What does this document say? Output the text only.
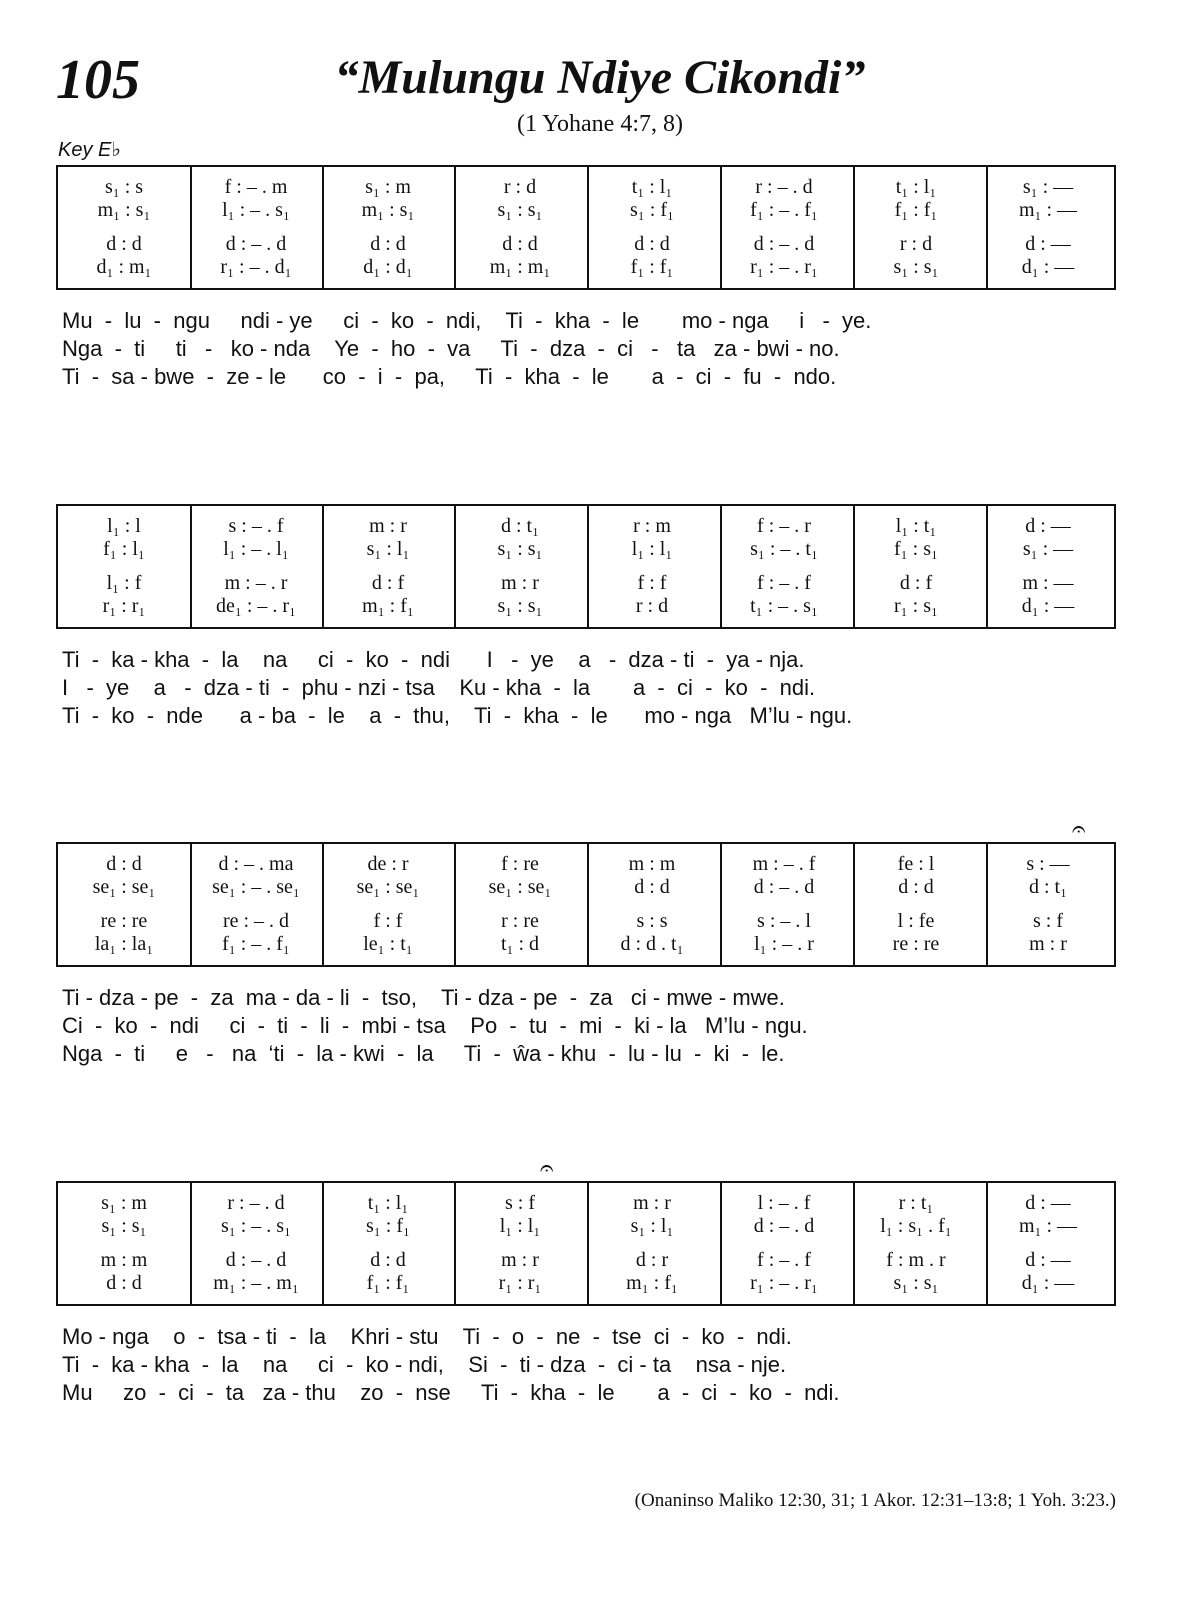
105	“Mulungu Ndiye Cikondi”
(1 Yohane 4:7, 8)
Key E♭
s₁ : s	f : – . m	s₁ : m	r : d	t₁ : l₁	r : – . d	t₁ : l₁	s₁ : —
m₁ : s₁	l₁ : – . s₁	m₁ : s₁	s₁ : s₁	s₁ : f₁	f₁ : – . f₁	f₁ : f₁	m₁ : —
d : d	d : – . d	d : d	d : d	d : d	d : – . d	r : d	d : —
d₁ : m₁	r₁ : – . d₁	d₁ : d₁	m₁ : m₁	f₁ : f₁	r₁ : – . r₁	s₁ : s₁	d₁ : —
Mu  -  lu  -  ngu     ndi - ye     ci  -  ko  -  ndi,    Ti  -  kha  -  le       mo - nga     i   -  ye.
Nga  -  ti     ti   -   ko - nda    Ye  -  ho  -  va     Ti  -  dza  -  ci   -   ta   za - bwi - no.
Ti  -  sa - bwe  -  ze - le      co  -  i  -  pa,     Ti  -  kha  -  le       a  -  ci  -  fu  -  ndo.
l₁ : l	s : – . f	m : r	d : t₁	r : m	f : – . r	l₁ : t₁	d : —
f₁ : l₁	l₁ : – . l₁	s₁ : l₁	s₁ : s₁	l₁ : l₁	s₁ : – . t₁	f₁ : s₁	s₁ : —
l₁ : f	m : – . r	d : f	m : r	f : f	f : – . f	d : f	m : —
r₁ : r₁	de₁ : – . r₁	m₁ : f₁	s₁ : s₁	r : d	t₁ : – . s₁	r₁ : s₁	d₁ : —
Ti  -  ka - kha  -  la    na     ci  -  ko  -  ndi      I   -  ye    a   -  dza - ti  -  ya - nja.
I   -  ye    a   -  dza - ti  -  phu - nzi - tsa    Ku - kha  -  la       a  -  ci  -  ko  -  ndi.
Ti  -  ko  -  nde      a - ba  -  le    a  -  thu,    Ti  -  kha  -  le      mo - nga   M’lu - ngu.
d : d	d : – . ma	de : r	f : re	m : m	m : – . f	fe : l	s : —
se₁ : se₁	se₁ : – . se₁	se₁ : se₁	se₁ : se₁	d : d	d : – . d	d : d	d : t₁
re : re	re : – . d	f : f	r : re	s : s	s : – . l	l : fe	s : f
la₁ : la₁	f₁ : – . f₁	le₁ : t₁	t₁ : d	d : d . t₁	l₁ : – . r	re : re	m : r
Ti - dza - pe  -  za  ma - da - li  -  tso,    Ti - dza - pe  -  za   ci - mwe - mwe.
Ci  -  ko  -  ndi     ci  -  ti  -  li  -  mbi - tsa    Po  -  tu  -  mi  -  ki - la   M’lu - ngu.
Nga  -  ti     e   -   na  ‘ti  -  la - kwi  -  la     Ti  -  ŵa - khu  -  lu - lu  -  ki  -  le.
s₁ : m	r : – . d	t₁ : l₁	s : f	m : r	l : – . f	r : t₁	d : —
s₁ : s₁	s₁ : – . s₁	s₁ : f₁	l₁ : l₁	s₁ : l₁	d : – . d	l₁ : s₁ . f₁	m₁ : —
m : m	d : – . d	d : d	m : r	d : r	f : – . f	f : m . r	d : —
d : d	m₁ : – . m₁	f₁ : f₁	r₁ : r₁	m₁ : f₁	r₁ : – . r₁	s₁ : s₁	d₁ : —
Mo - nga    o  -  tsa - ti  -  la    Khri - stu    Ti  -  o  -  ne  -  tse  ci  -  ko  -  ndi.
Ti  -  ka - kha  -  la    na     ci  -  ko - ndi,    Si  -  ti - dza  -  ci - ta    nsa - nje.
Mu     zo  -  ci  -  ta   za - thu    zo  -  nse     Ti  -  kha  -  le       a  -  ci  -  ko  -  ndi.
𝄐
𝄐
(Onaninso Maliko 12:30, 31; 1 Akor. 12:31–13:8; 1 Yoh. 3:23.)
